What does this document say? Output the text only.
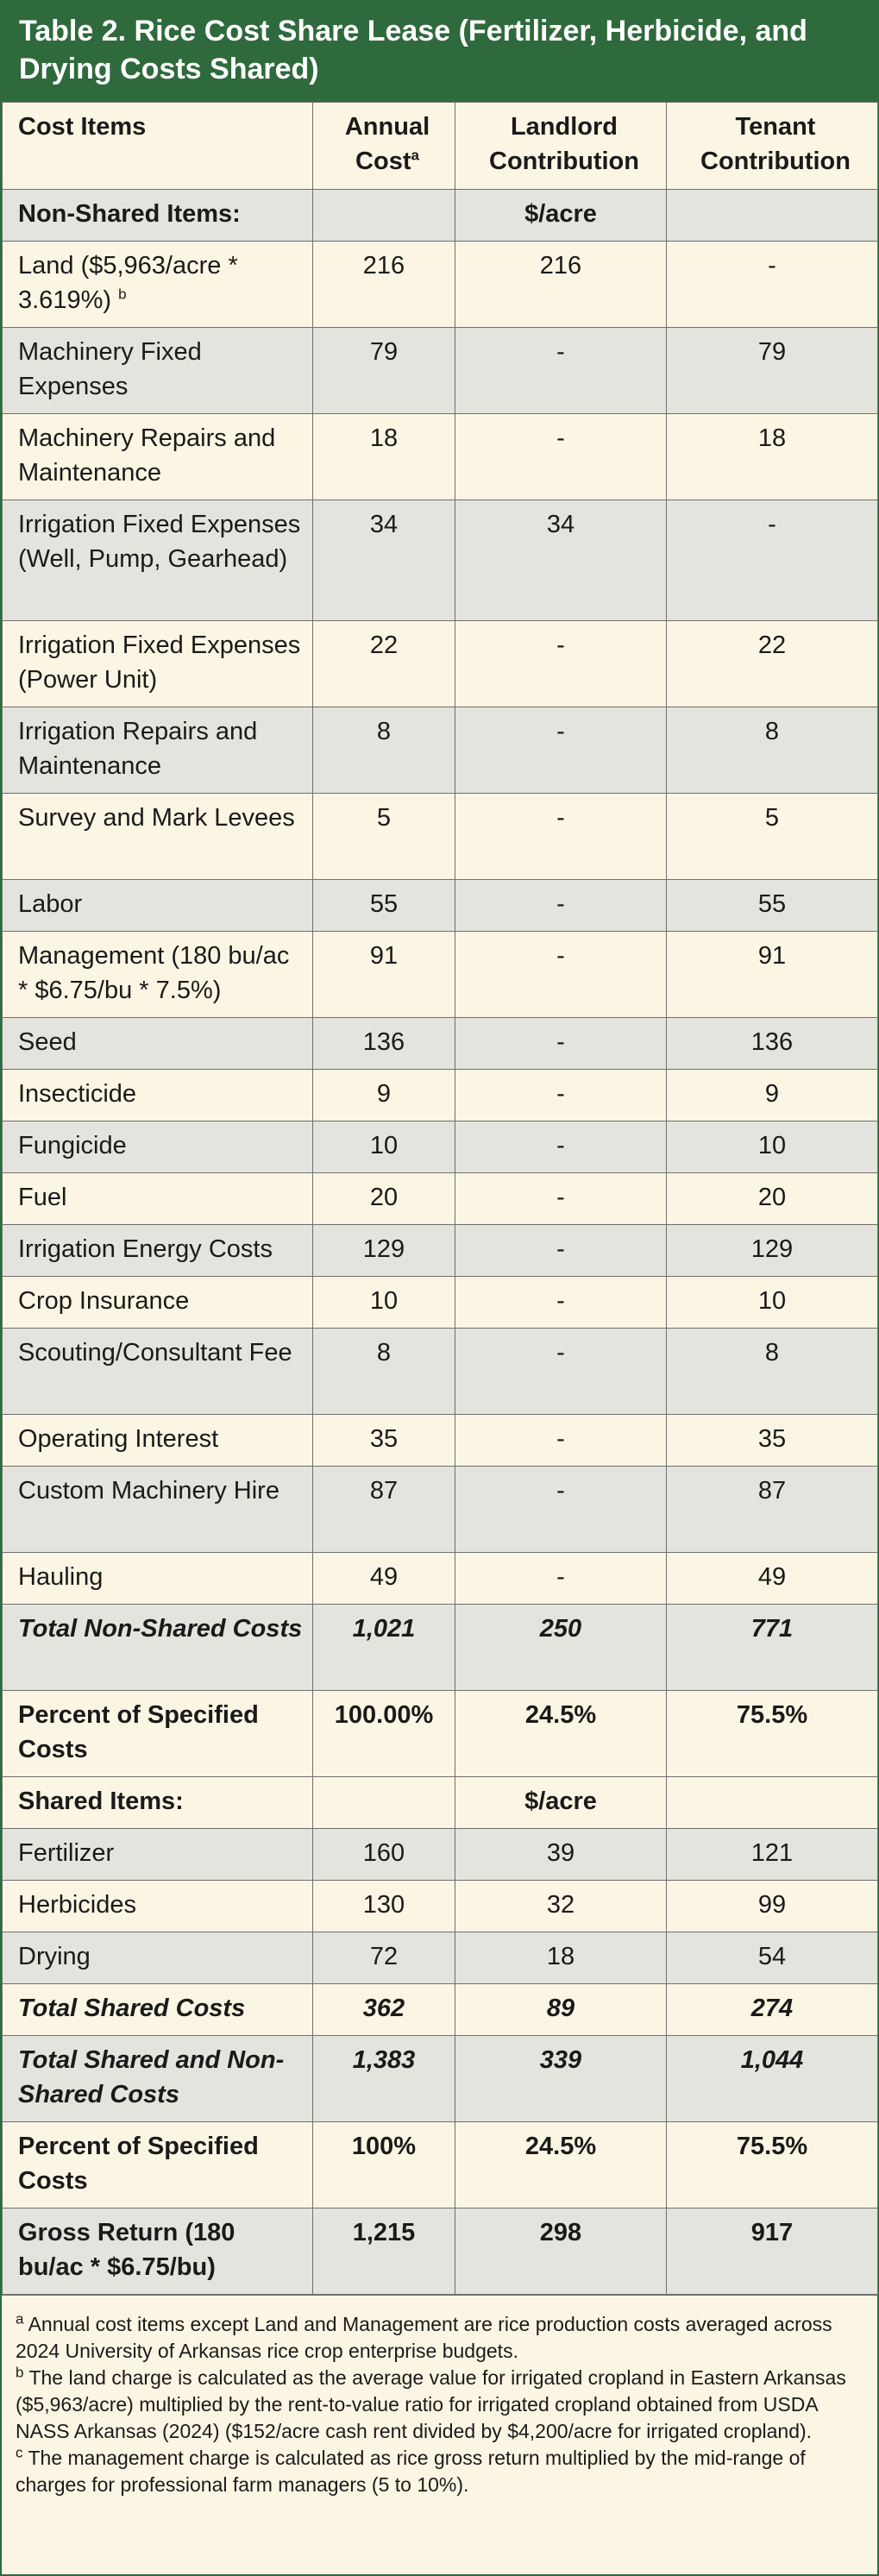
Table 2. Rice Cost Share Lease (Fertilizer, Herbicide, and Drying Costs Shared)
Cost Items	Annual Cost$^a$	Landlord Contribution	Tenant Contribution
Non-Shared Items:		$/acre	
Land ($5,963/acre * 3.619%) $^b$	216	216	-
Machinery Fixed Expenses	79	-	79
Machinery Repairs and Maintenance	18	-	18
Irrigation Fixed Expenses (Well, Pump, Gearhead)	34	34	-
Irrigation Fixed Expenses (Power Unit)	22	-	22
Irrigation Repairs and Maintenance	8	-	8
Survey and Mark Levees	5	-	5
Labor	55	-	55
Management (180 bu/ac * $6.75/bu * 7.5%)	91	-	91
Seed	136	-	136
Insecticide	9	-	9
Fungicide	10	-	10
Fuel	20	-	20
Irrigation Energy Costs	129	-	129
Crop Insurance	10	-	10
Scouting/Consultant Fee	8	-	8
Operating Interest	35	-	35
Custom Machinery Hire	87	-	87
Hauling	49	-	49
Total Non-Shared Costs	1,021	250	771
Percent of Specified Costs	100.00%	24.5%	75.5%
Shared Items:		$/acre	
Fertilizer	160	39	121
Herbicides	130	32	99
Drying	72	18	54
Total Shared Costs	362	89	274
Total Shared and Non-Shared Costs	1,383	339	1,044
Percent of Specified Costs	100%	24.5%	75.5%
Gross Return (180 bu/ac * $6.75/bu)	1,215	298	917

$^a$ Annual cost items except Land and Management are rice production costs averaged across 2024 University of Arkansas rice crop enterprise budgets.

$^b$ The land charge is calculated as the average value for irrigated cropland in Eastern Arkansas ($5,963/acre) multiplied by the rent-to-value ratio for irrigated cropland obtained from USDA NASS Arkansas (2024) ($152/acre cash rent divided by $4,200/acre for irrigated cropland).

$^c$ The management charge is calculated as rice gross return multiplied by the mid-range of charges for professional farm managers (5 to 10%).
